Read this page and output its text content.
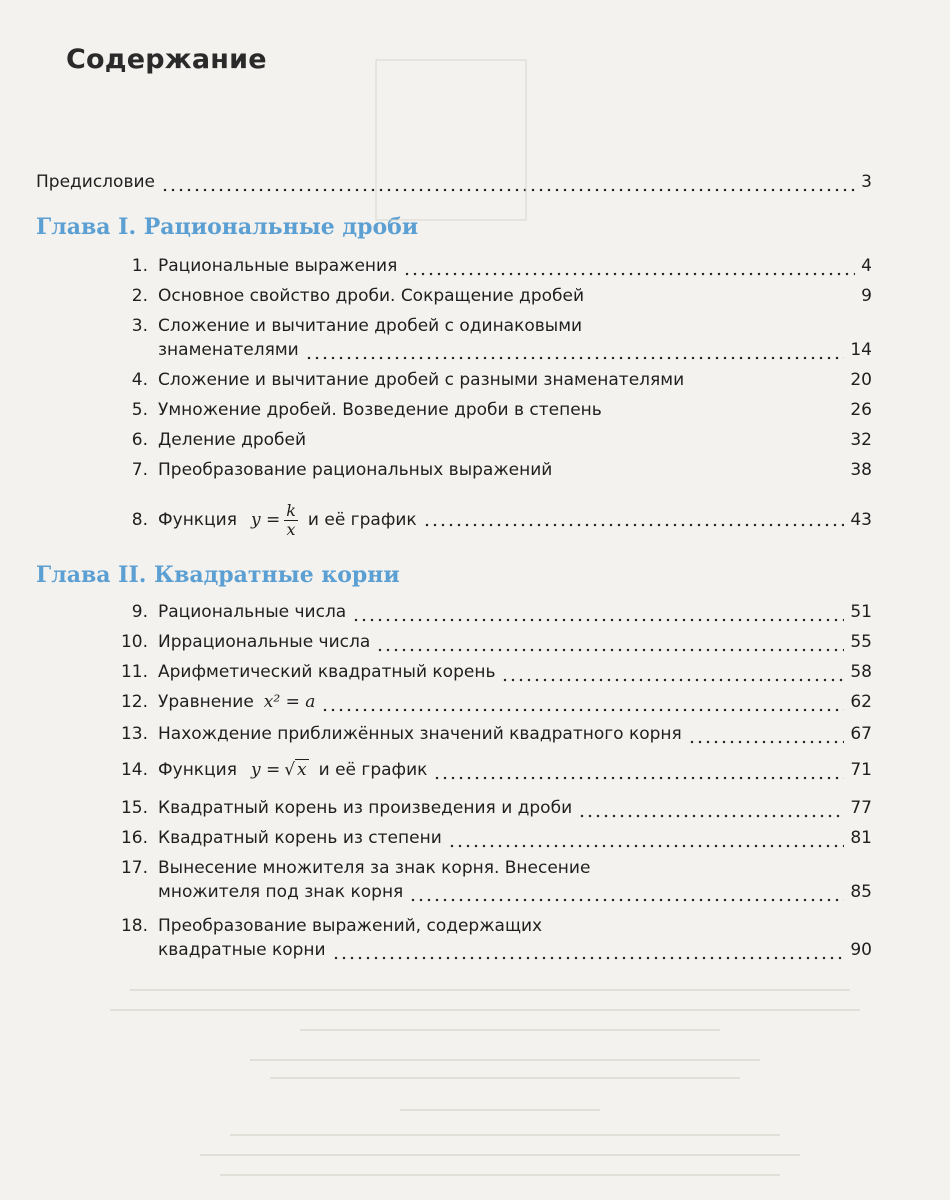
Содержание
Предисловие	3
Глава I. Рациональные дроби
1. Рациональные выражения	4
2. Основное свойство дроби. Сокращение дробей	9
3. Сложение и вычитание дробей с одинаковыми
знаменателями	14
4. Сложение и вычитание дробей с разными знаменателями	20
5. Умножение дробей. Возведение дроби в степень	26
6. Деление дробей	32
7. Преобразование рациональных выражений	38
8. Функция $y = \frac{k}{x}$ и её график	43
Глава II. Квадратные корни
9. Рациональные числа	51
10. Иррациональные числа	55
11. Арифметический квадратный корень	58
12. Уравнение x² = a	62
13. Нахождение приближённых значений квадратного корня	67
14. Функция y = √ x и её график	71
15. Квадратный корень из произведения и дроби	77
16. Квадратный корень из степени	81
17. Вынесение множителя за знак корня. Внесение
множителя под знак корня	85
18. Преобразование выражений, содержащих
квадратные корни	90
